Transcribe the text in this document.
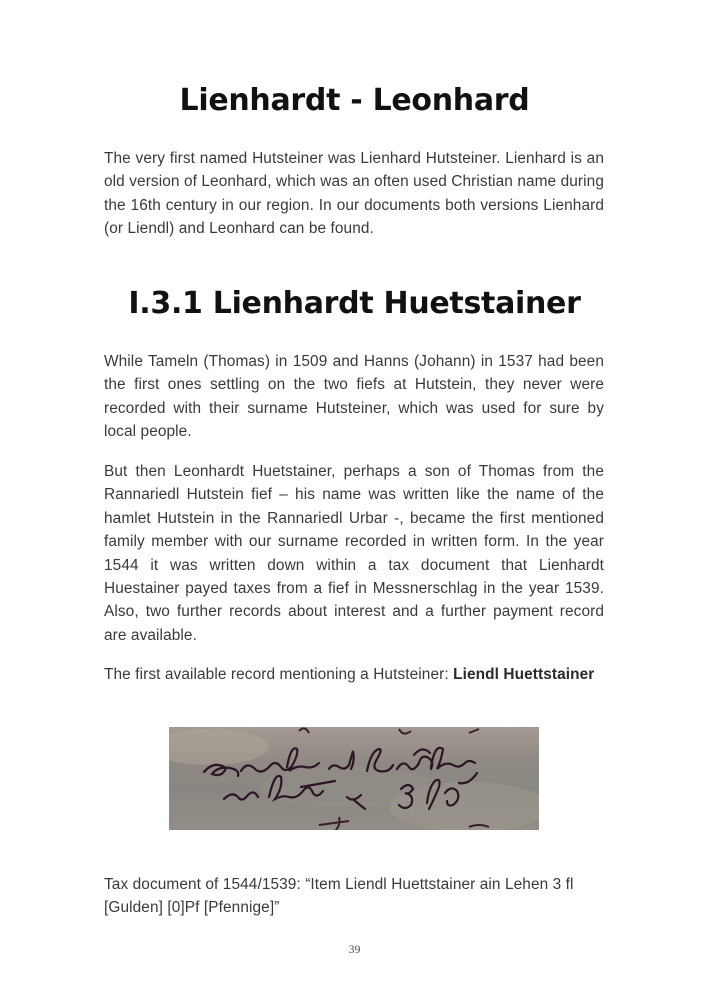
Lienhardt - Leonhard

The very first named Hutsteiner was Lienhard Hutsteiner. Lienhard is an old version of Leonhard, which was an often used Christian name during the 16th century in our region. In our documents both versions Lienhard (or Liendl) and Leonhard can be found.

I.3.1 Lienhardt Huetstainer

While Tameln (Thomas) in 1509 and Hanns (Johann) in 1537 had been the first ones settling on the two fiefs at Hutstein, they never were recorded with their surname Hutsteiner, which was used for sure by local people.

But then Leonhardt Huetstainer, perhaps a son of Thomas from the Rannariedl Hutstein fief – his name was written like the name of the hamlet Hutstein in the Rannariedl Urbar -, became the first mentioned family member with our surname recorded in written form. In the year 1544 it was written down within a tax document that Lienhardt Huestainer payed taxes from a fief in Messnerschlag in the year 1539. Also, two further records about interest and a further payment record are available.

The first available record mentioning a Hutsteiner: Liendl Huettstainer

Tax document of 1544/1539: “Item Liendl Huettstainer ain Lehen 3 fl [Gulden] [0]Pf [Pfennige]”

39
